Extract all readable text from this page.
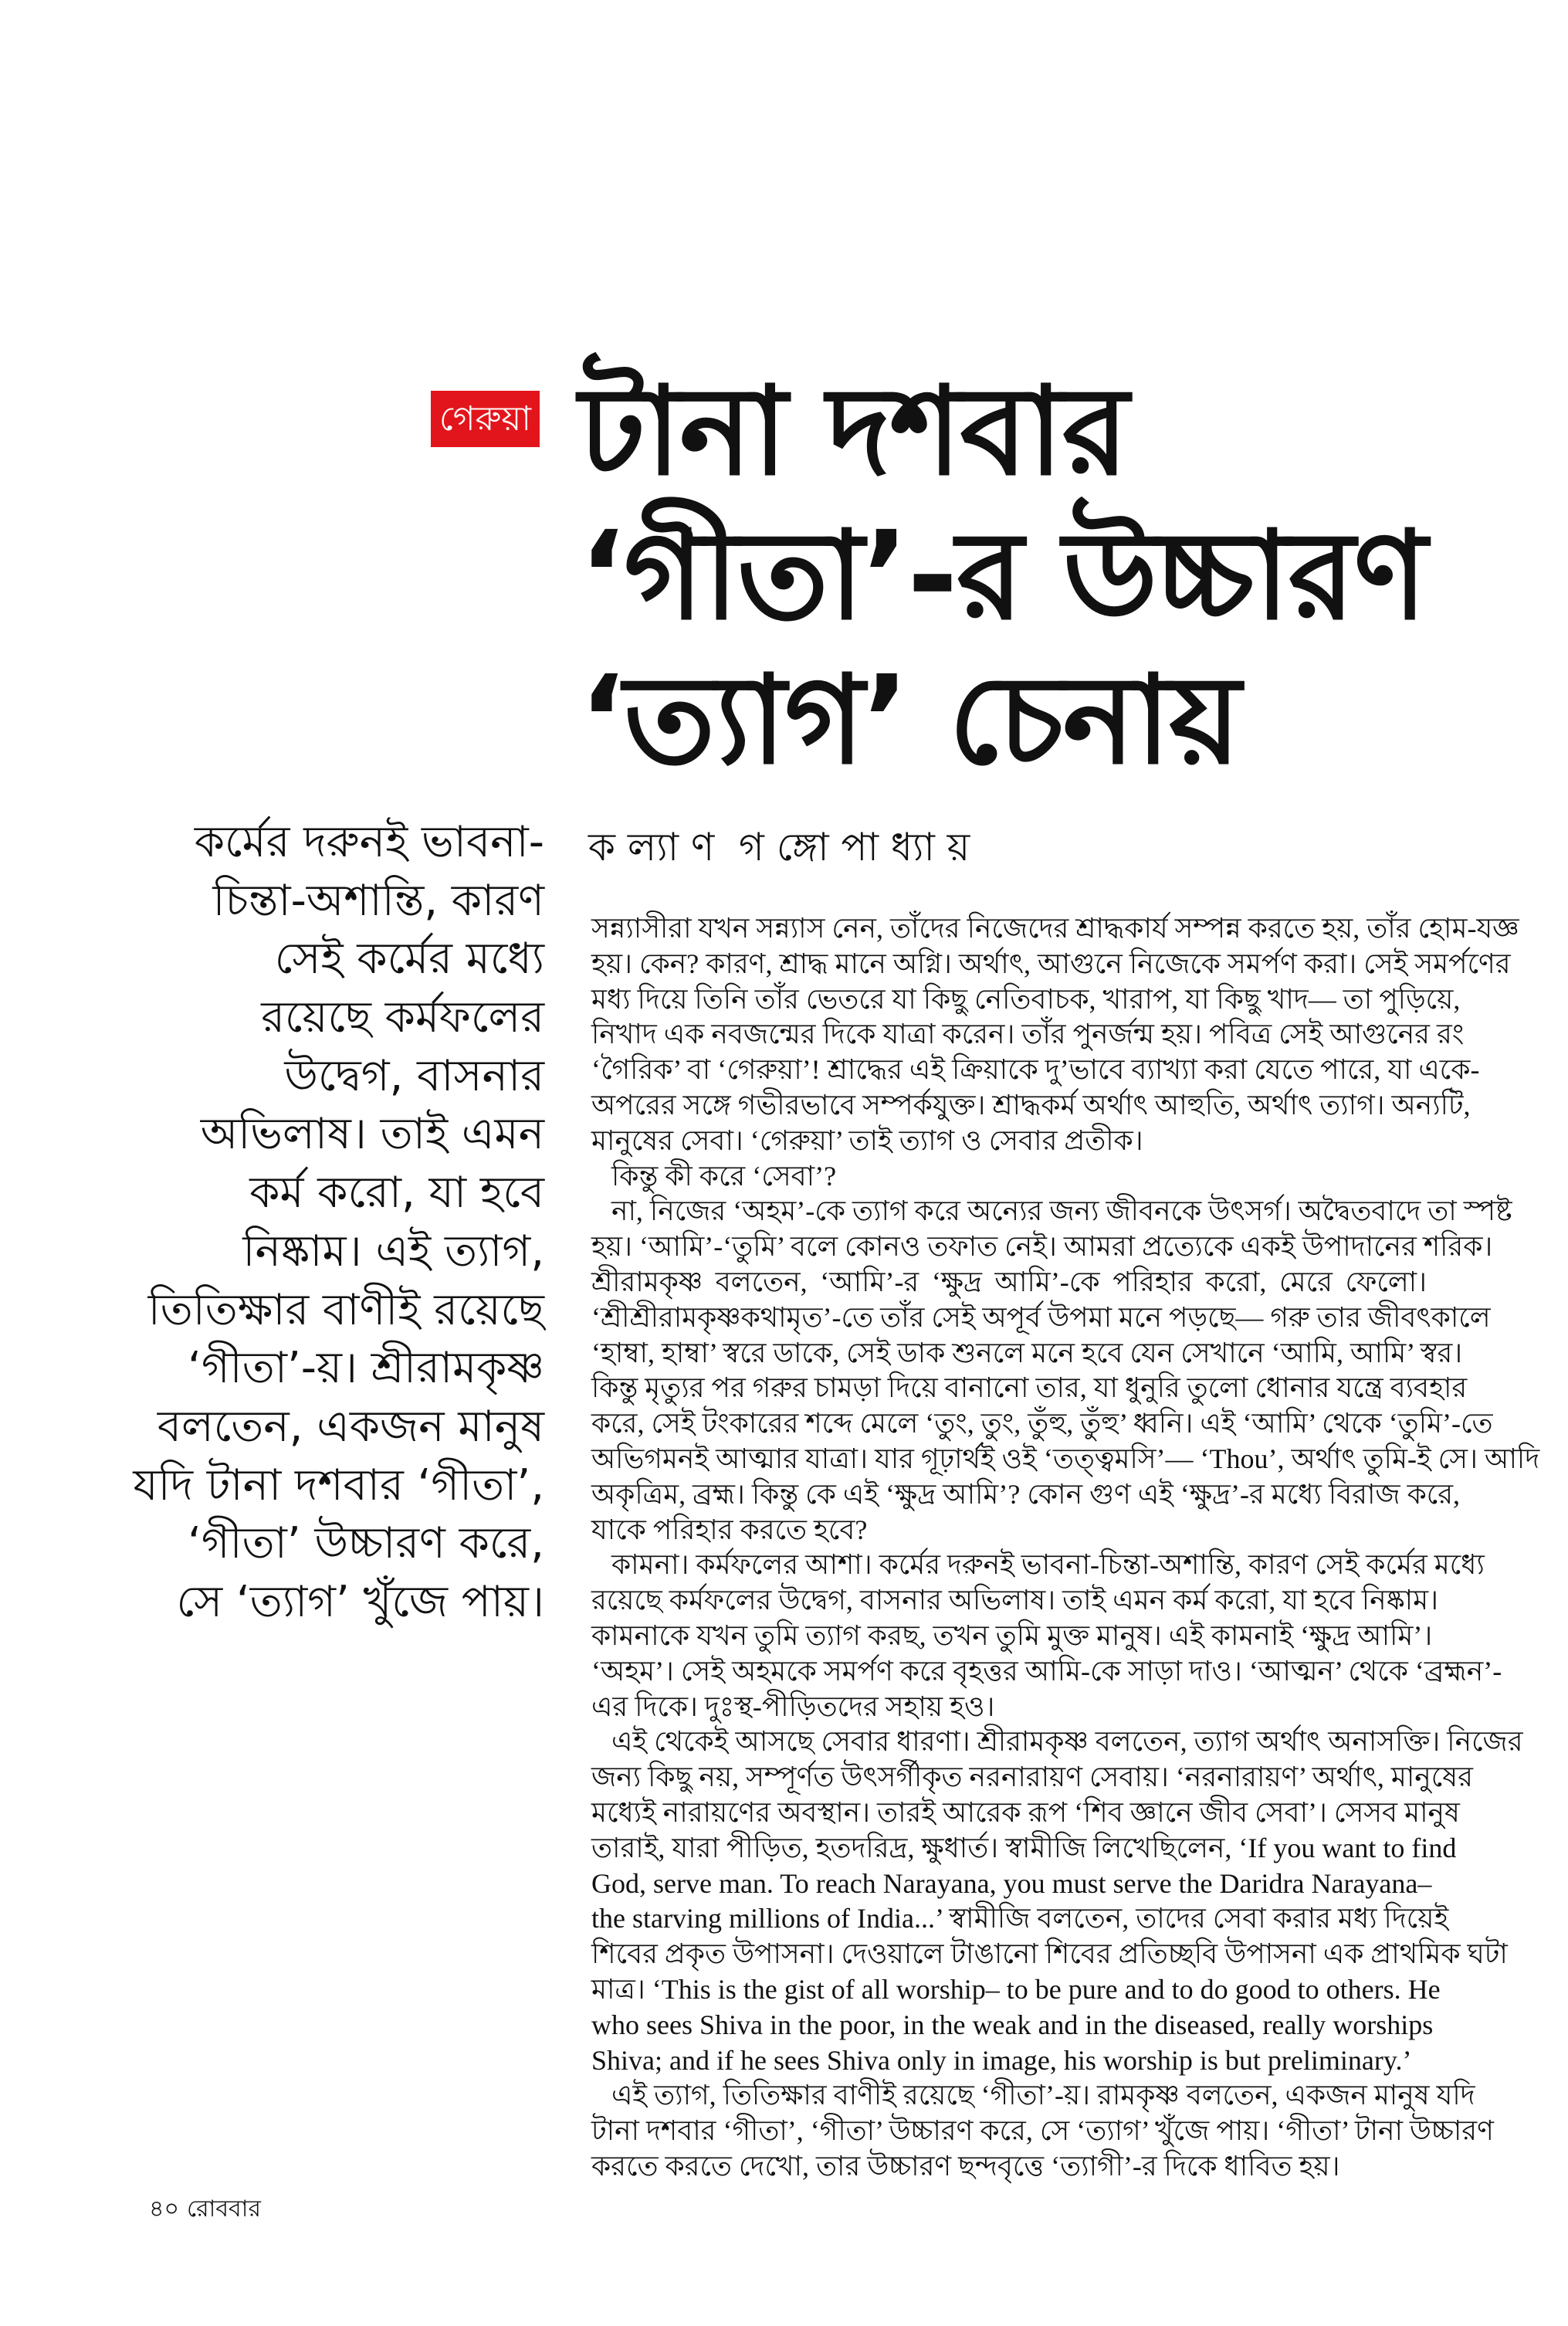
গেরুয়া টানা দশবার
‘গীতা’-র উচ্চারণ
‘ত্যাগ’ চেনায়
কর্মের দরুনই ভাবনা-
চিন্তা-অশান্তি, কারণ
সেই কর্মের মধ্যে
রয়েছে কর্মফলের
উদ্বেগ, বাসনার
অভিলাষ। তাই এমন
কর্ম করো, যা হবে
নিষ্কাম। এই ত্যাগ,
তিতিক্ষার বাণীই রয়েছে
‘গীতা’-য়। শ্রীরামকৃষ্ণ
বলতেন, একজন মানুষ
যদি টানা দশবার ‘গীতা’,
‘গীতা’ উচ্চারণ করে,
সে ‘ত্যাগ’ খুঁজে পায়।
ক ল্যা ণ  গ ঙ্গো পা ধ্যা য়
সন্ন্যাসীরা যখন সন্ন্যাস নেন, তাঁদের নিজেদের শ্রাদ্ধকার্য সম্পন্ন করতে হয়, তাঁর হোম-যজ্ঞ
হয়। কেন? কারণ, শ্রাদ্ধ মানে অগ্নি। অর্থাৎ, আগুনে নিজেকে সমর্পণ করা। সেই সমর্পণের
মধ্য দিয়ে তিনি তাঁর ভেতরে যা কিছু নেতিবাচক, খারাপ, যা কিছু খাদ— তা পুড়িয়ে,
নিখাদ এক নবজন্মের দিকে যাত্রা করেন। তাঁর পুনর্জন্ম হয়। পবিত্র সেই আগুনের রং
‘গৈরিক’ বা ‘গেরুয়া’! শ্রাদ্ধের এই ক্রিয়াকে দু’ভাবে ব্যাখ্যা করা যেতে পারে, যা একে-
অপরের সঙ্গে গভীরভাবে সম্পর্কযুক্ত। শ্রাদ্ধকর্ম অর্থাৎ আহুতি, অর্থাৎ ত্যাগ। অন্যটি,
মানুষের সেবা। ‘গেরুয়া’ তাই ত্যাগ ও সেবার প্রতীক।
কিন্তু কী করে ‘সেবা’?
না, নিজের ‘অহম’-কে ত্যাগ করে অন্যের জন্য জীবনকে উৎসর্গ। অদ্বৈতবাদে তা স্পষ্ট
হয়। ‘আমি’-‘তুমি’ বলে কোনও তফাত নেই। আমরা প্রত্যেকে একই উপাদানের শরিক।
শ্রীরামকৃষ্ণ বলতেন, ‘আমি’-র ‘ক্ষুদ্র আমি’-কে পরিহার করো, মেরে ফেলো।
‘শ্রীশ্রীরামকৃষ্ণকথামৃত’-তে তাঁর সেই অপূর্ব উপমা মনে পড়ছে— গরু তার জীবৎকালে
‘হাম্বা, হাম্বা’ স্বরে ডাকে, সেই ডাক শুনলে মনে হবে যেন সেখানে ‘আমি, আমি’ স্বর।
কিন্তু মৃত্যুর পর গরুর চামড়া দিয়ে বানানো তার, যা ধুনুরি তুলো ধোনার যন্ত্রে ব্যবহার
করে, সেই টংকারের শব্দে মেলে ‘তুং, তুং, তুঁহু, তুঁহু’ ধ্বনি। এই ‘আমি’ থেকে ‘তুমি’-তে
অভিগমনই আত্মার যাত্রা। যার গূঢ়ার্থই ওই ‘তত্ত্বমসি’— ‘Thou’, অর্থাৎ তুমি-ই সে। আদি
অকৃত্রিম, ব্রহ্ম। কিন্তু কে এই ‘ক্ষুদ্র আমি’? কোন গুণ এই ‘ক্ষুদ্র’-র মধ্যে বিরাজ করে,
যাকে পরিহার করতে হবে?
কামনা। কর্মফলের আশা। কর্মের দরুনই ভাবনা-চিন্তা-অশান্তি, কারণ সেই কর্মের মধ্যে
রয়েছে কর্মফলের উদ্বেগ, বাসনার অভিলাষ। তাই এমন কর্ম করো, যা হবে নিষ্কাম।
কামনাকে যখন তুমি ত্যাগ করছ, তখন তুমি মুক্ত মানুষ। এই কামনাই ‘ক্ষুদ্র আমি’।
‘অহম’। সেই অহমকে সমর্পণ করে বৃহত্তর আমি-কে সাড়া দাও। ‘আত্মন’ থেকে ‘ব্রহ্মন’-
এর দিকে। দুঃস্থ-পীড়িতদের সহায় হও।
এই থেকেই আসছে সেবার ধারণা। শ্রীরামকৃষ্ণ বলতেন, ত্যাগ অর্থাৎ অনাসক্তি। নিজের
জন্য কিছু নয়, সম্পূর্ণত উৎসর্গীকৃত নরনারায়ণ সেবায়। ‘নরনারায়ণ’ অর্থাৎ, মানুষের
মধ্যেই নারায়ণের অবস্থান। তারই আরেক রূপ ‘শিব জ্ঞানে জীব সেবা’। সেসব মানুষ
তারাই, যারা পীড়িত, হতদরিদ্র, ক্ষুধার্ত। স্বামীজি লিখেছিলেন, ‘If you want to find
God, serve man. To reach Narayana, you must serve the Daridra Narayana–
the starving millions of India...’ স্বামীজি বলতেন, তাদের সেবা করার মধ্য দিয়েই
শিবের প্রকৃত উপাসনা। দেওয়ালে টাঙানো শিবের প্রতিচ্ছবি উপাসনা এক প্রাথমিক ঘটা
মাত্র। ‘This is the gist of all worship– to be pure and to do good to others. He
who sees Shiva in the poor, in the weak and in the diseased, really worships
Shiva; and if he sees Shiva only in image, his worship is but preliminary.’
এই ত্যাগ, তিতিক্ষার বাণীই রয়েছে ‘গীতা’-য়। রামকৃষ্ণ বলতেন, একজন মানুষ যদি
টানা দশবার ‘গীতা’, ‘গীতা’ উচ্চারণ করে, সে ‘ত্যাগ’ খুঁজে পায়। ‘গীতা’ টানা উচ্চারণ
করতে করতে দেখো, তার উচ্চারণ ছন্দবৃত্তে ‘ত্যাগী’-র দিকে ধাবিত হয়।
৪০ রোববার
